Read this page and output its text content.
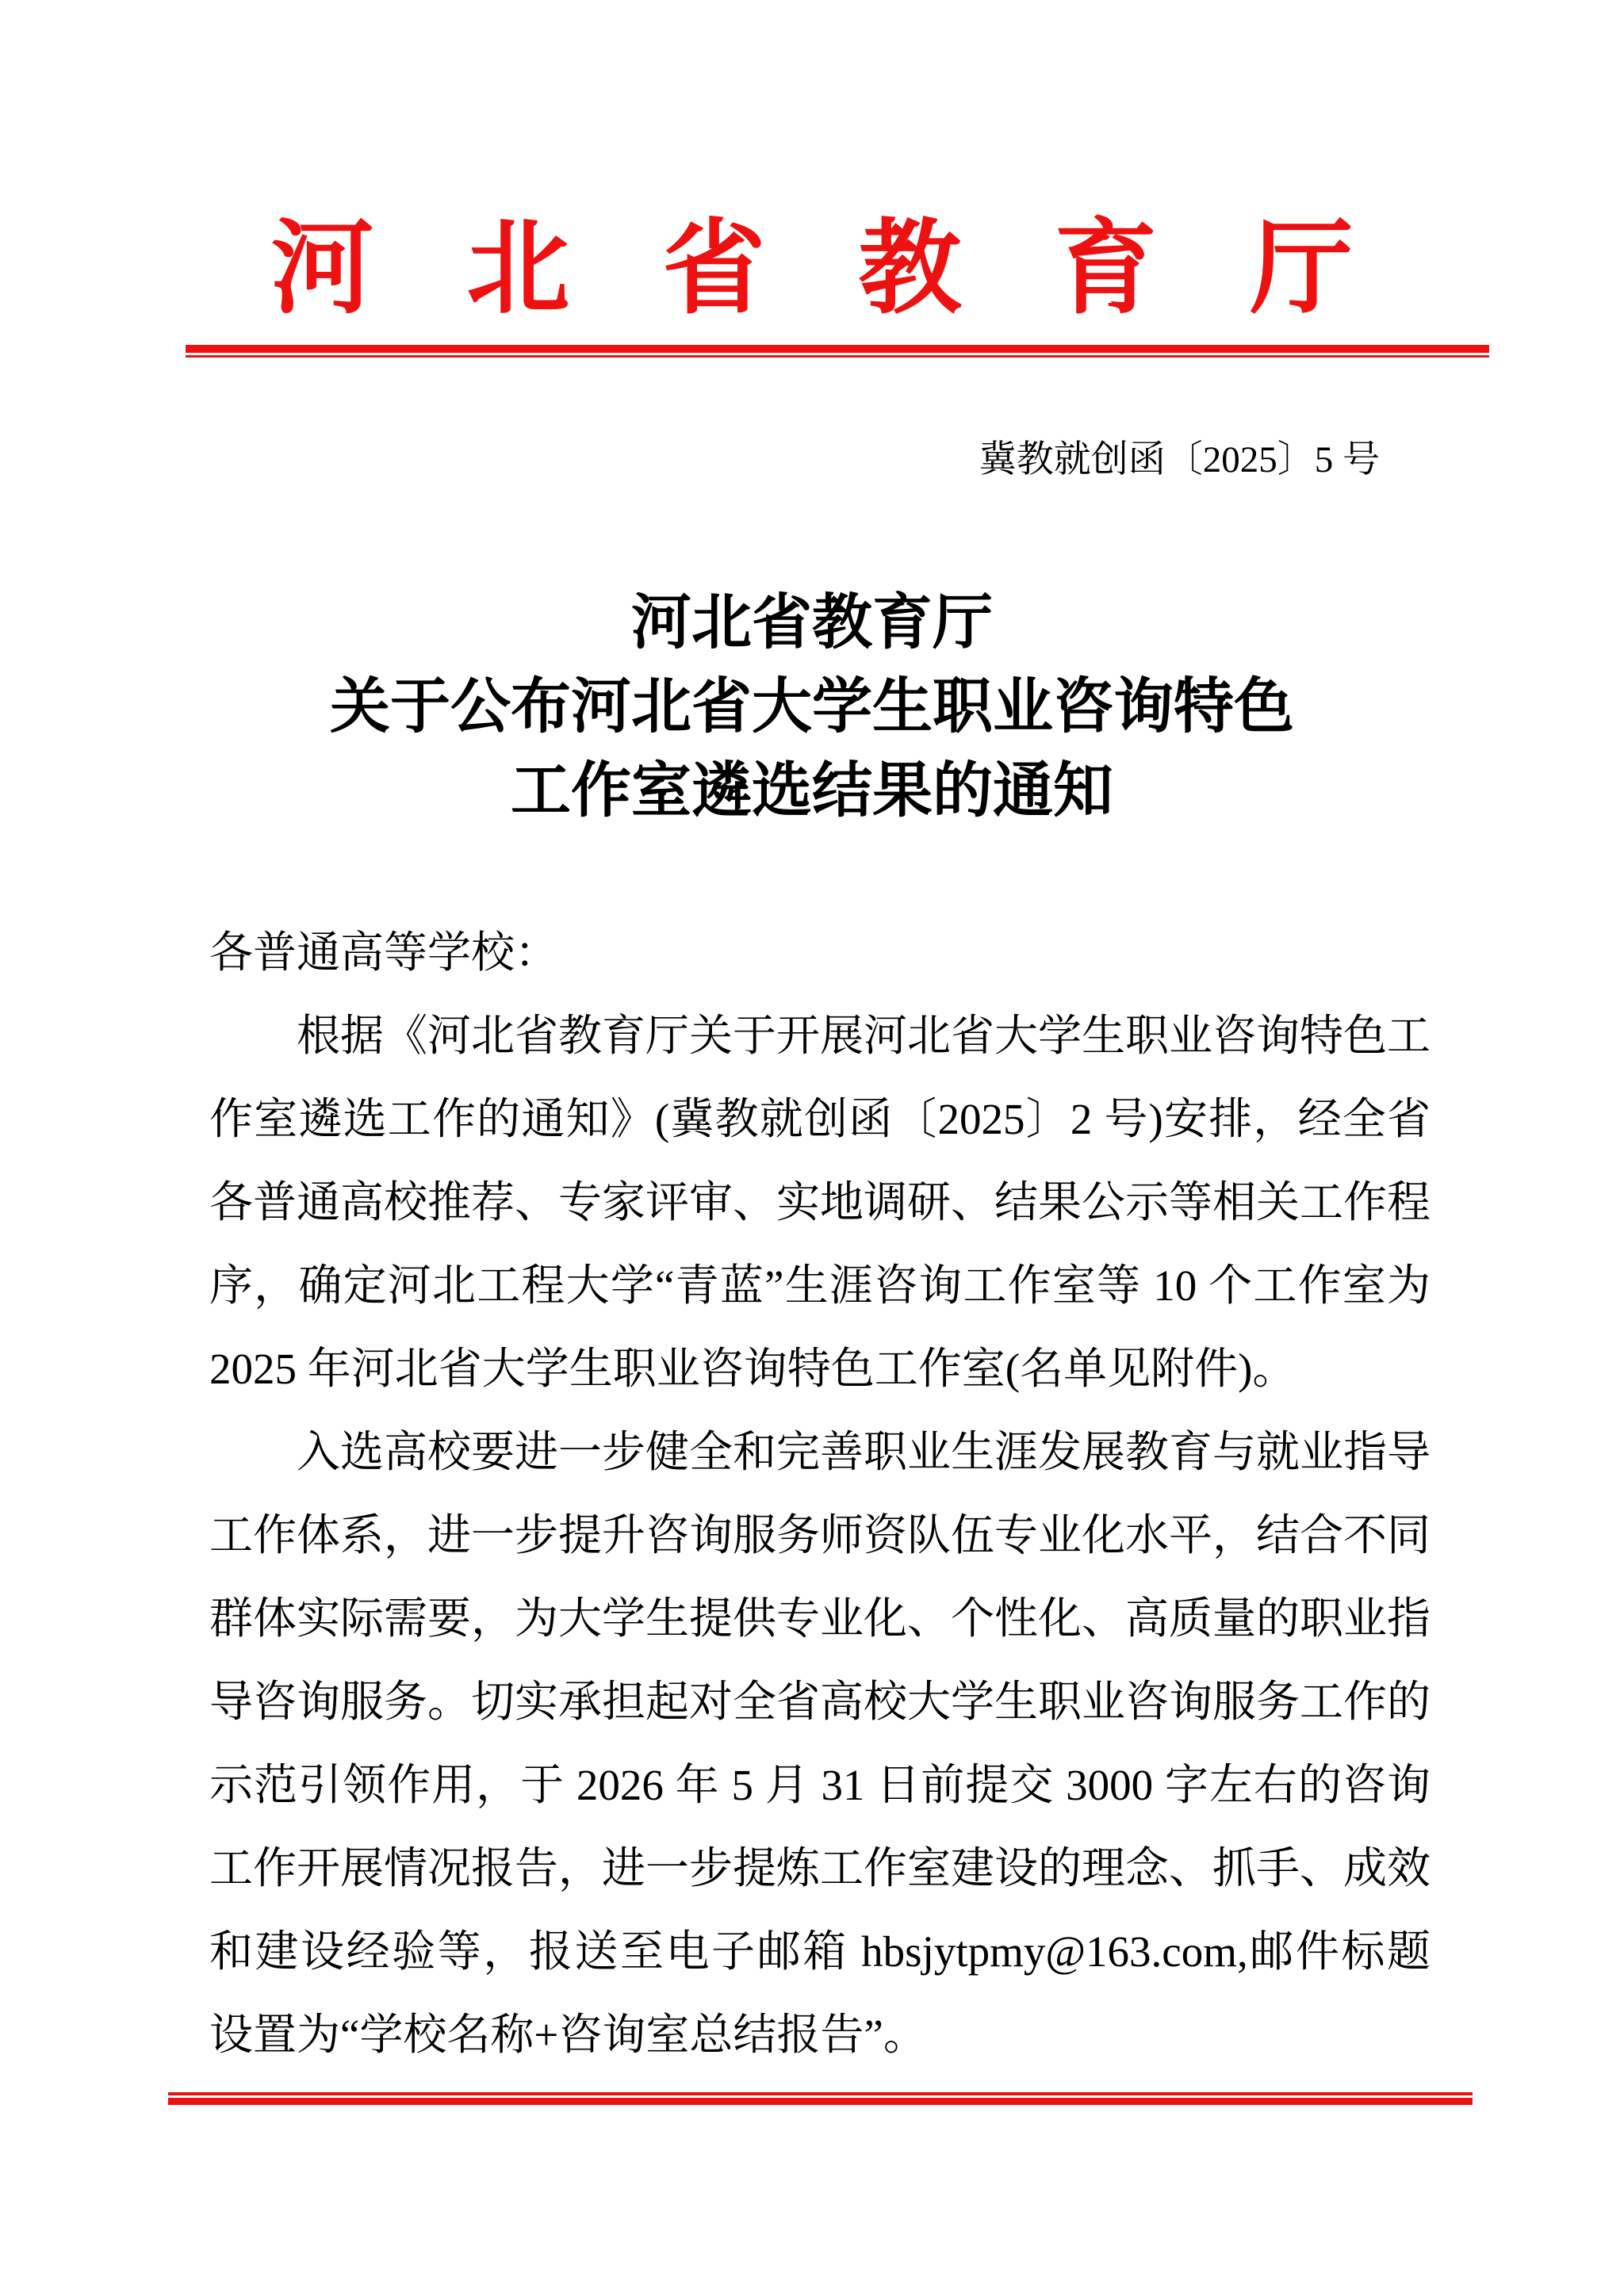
河北省教育厅
冀教就创函〔2025〕5 号
河北省教育厅
关于公布河北省大学生职业咨询特色
工作室遴选结果的通知

各普通高等学校：

根据《河北省教育厅关于开展河北省大学生职业咨询特色工作室遴选工作的通知》(冀教就创函〔2025〕2 号)安排，经全省各普通高校推荐、专家评审、实地调研、结果公示等相关工作程序，确定河北工程大学“青蓝”生涯咨询工作室等 10 个工作室为 2025 年河北省大学生职业咨询特色工作室(名单见附件)。

入选高校要进一步健全和完善职业生涯发展教育与就业指导工作体系，进一步提升咨询服务师资队伍专业化水平，结合不同群体实际需要，为大学生提供专业化、个性化、高质量的职业指导咨询服务。切实承担起对全省高校大学生职业咨询服务工作的示范引领作用，于 2026 年 5 月 31 日前提交 3000 字左右的咨询工作开展情况报告，进一步提炼工作室建设的理念、抓手、成效和建设经验等，报送至电子邮箱 hbsjytpmy@163.com,邮件标题设置为“学校名称+咨询室总结报告”。
